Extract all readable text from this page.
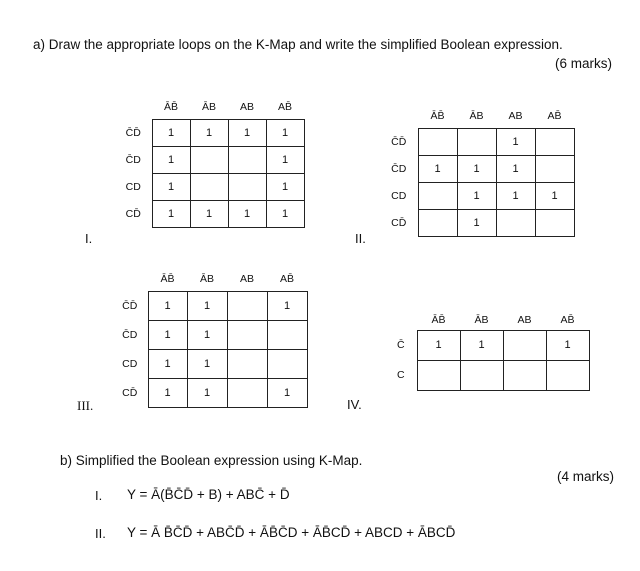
a) Draw the appropriate loops on the K-Map and write the simplified Boolean expression.
(6 marks)
	ĀB̄	ĀB	AB	AB̄
C̄D̄	1	1	1	1
C̄D	1			1
CD	1			1
CD̄	1	1	1	1
I.
	ĀB̄	ĀB	AB	AB̄
C̄D̄			1	
C̄D	1	1	1	
CD		1	1	1
CD̄		1		
II.
	ĀB̄	ĀB	AB	AB̄
C̄D̄	1	1		1
C̄D	1	1		
CD	1	1		
CD̄	1	1		1
III.
	ĀB̄	ĀB	AB	AB̄
C̄	1	1		1
C				
IV.
b) Simplified the Boolean expression using K-Map.
(4 marks)
I. Y = Ā(B̄C̄D̄ + B) + ABC̄ + D̄
II. Y = Ā B̄C̄D̄ + ABC̄D̄ + ĀB̄C̄D + ĀB̄CD̄ + ABCD + ĀBCD̄
